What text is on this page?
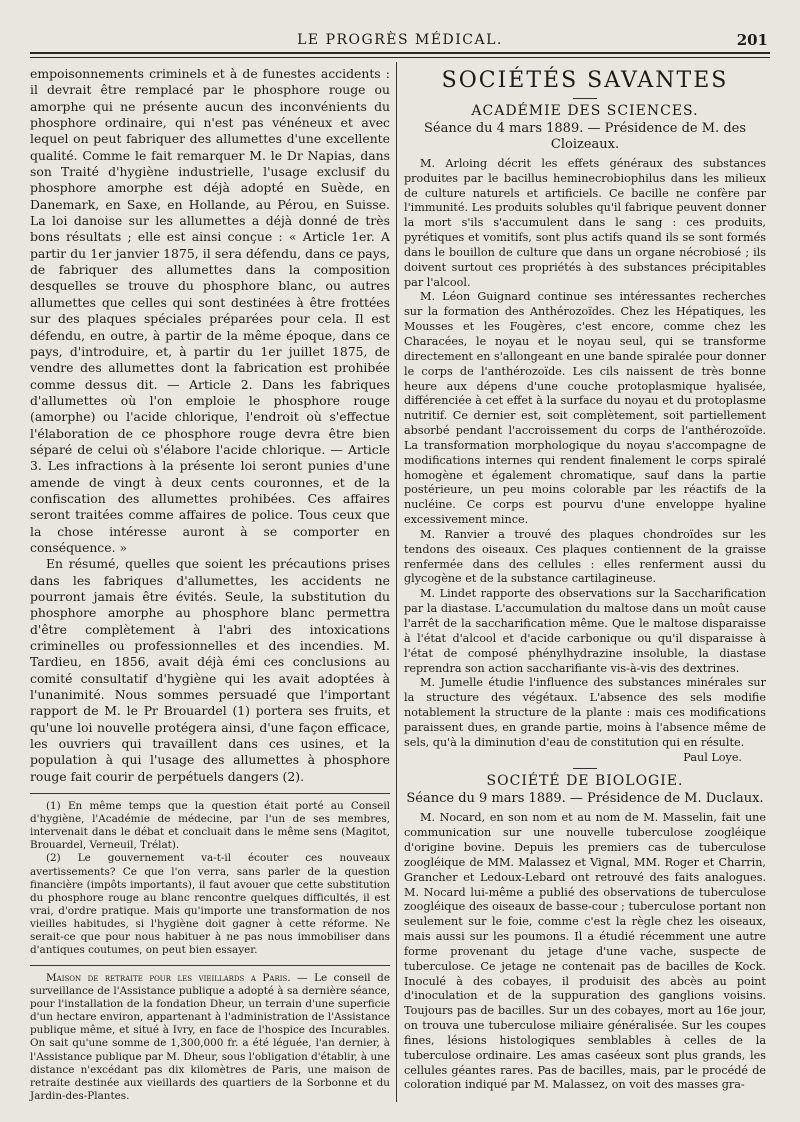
LE PROGRÈS MÉDICAL.	201

empoisonnements criminels et à de funestes accidents : il devrait être remplacé par le phosphore rouge ou amorphe qui ne présente aucun des inconvénients du phosphore ordinaire, qui n'est pas vénéneux et avec lequel on peut fabriquer des allumettes d'une excellente qualité. Comme le fait remarquer M. le Dr Napias, dans son Traité d'hygiène industrielle, l'usage exclusif du phosphore amorphe est déjà adopté en Suède, en Danemark, en Saxe, en Hollande, au Pérou, en Suisse. La loi danoise sur les allumettes a déjà donné de très bons résultats ; elle est ainsi conçue : « Article 1er. A partir du 1er janvier 1875, il sera défendu, dans ce pays, de fabriquer des allumettes dans la composition desquelles se trouve du phosphore blanc, ou autres allumettes que celles qui sont destinées à être frottées sur des plaques spéciales préparées pour cela. Il est défendu, en outre, à partir de la même époque, dans ce pays, d'introduire, et, à partir du 1er juillet 1875, de vendre des allumettes dont la fabrication est prohibée comme dessus dit. — Article 2. Dans les fabriques d'allumettes où l'on emploie le phosphore rouge (amorphe) ou l'acide chlorique, l'endroit où s'effectue l'élaboration de ce phosphore rouge devra être bien séparé de celui où s'élabore l'acide chlorique. — Article 3. Les infractions à la présente loi seront punies d'une amende de vingt à deux cents couronnes, et de la confiscation des allumettes prohibées. Ces affaires seront traitées comme affaires de police. Tous ceux que la chose intéresse auront à se comporter en conséquence. »

En résumé, quelles que soient les précautions prises dans les fabriques d'allumettes, les accidents ne pourront jamais être évités. Seule, la substitution du phosphore amorphe au phosphore blanc permettra d'être complètement à l'abri des intoxications criminelles ou professionnelles et des incendies. M. Tardieu, en 1856, avait déjà émi ces conclusions au comité consultatif d'hygiène qui les avait adoptées à l'unanimité. Nous sommes persuadé que l'important rapport de M. le Pr Brouardel (1) portera ses fruits, et qu'une loi nouvelle protégera ainsi, d'une façon efficace, les ouvriers qui travaillent dans ces usines, et la population à qui l'usage des allumettes à phosphore rouge fait courir de perpétuels dangers (2).

(1) En même temps que la question était porté au Conseil d'hygiène, l'Académie de médecine, par l'un de ses membres, intervenait dans le débat et concluait dans le même sens (Magitot, Brouardel, Verneuil, Trélat).

(2) Le gouvernement va-t-il écouter ces nouveaux avertissements? Ce que l'on verra, sans parler de la question financière (impôts importants), il faut avouer que cette substitution du phosphore rouge au blanc rencontre quelques difficultés, il est vrai, d'ordre pratique. Mais qu'importe une transformation de nos vieilles habitudes, si l'hygiène doit gagner à cette réforme. Ne serait-ce que pour nous habituer à ne pas nous immobiliser dans d'antiques coutumes, on peut bien essayer.

Maison de retraite pour les vieillards a Paris. — Le conseil de surveillance de l'Assistance publique a adopté à sa dernière séance, pour l'installation de la fondation Dheur, un terrain d'une superficie d'un hectare environ, appartenant à l'administration de l'Assistance publique même, et situé à Ivry, en face de l'hospice des Incurables. On sait qu'une somme de 1,300,000 fr. a été léguée, l'an dernier, à l'Assistance publique par M. Dheur, sous l'obligation d'établir, à une distance n'excédant pas dix kilomètres de Paris, une maison de retraite destinée aux vieillards des quartiers de la Sorbonne et du Jardin-des-Plantes.

SOCIÉTÉS SAVANTES
ACADÉMIE DES SCIENCES.
Séance du 4 mars 1889. — Présidence de M. des Cloizeaux.

M. Arloing décrit les effets généraux des substances produites par le bacillus heminecrobiophilus dans les milieux de culture naturels et artificiels. Ce bacille ne confère par l'immunité. Les produits solubles qu'il fabrique peuvent donner la mort s'ils s'accumulent dans le sang : ces produits, pyrétiques et vomitifs, sont plus actifs quand ils se sont formés dans le bouillon de culture que dans un organe nécrobiosé ; ils doivent surtout ces propriétés à des substances précipitables par l'alcool.

M. Léon Guignard continue ses intéressantes recherches sur la formation des Anthérozoïdes. Chez les Hépatiques, les Mousses et les Fougères, c'est encore, comme chez les Characées, le noyau et le noyau seul, qui se transforme directement en s'allongeant en une bande spiralée pour donner le corps de l'anthérozoïde. Les cils naissent de très bonne heure aux dépens d'une couche protoplasmique hyalisée, différenciée à cet effet à la surface du noyau et du protoplasme nutritif. Ce dernier est, soit complètement, soit partiellement absorbé pendant l'accroissement du corps de l'anthérozoïde. La transformation morphologique du noyau s'accompagne de modifications internes qui rendent finalement le corps spiralé homogène et également chromatique, sauf dans la partie postérieure, un peu moins colorable par les réactifs de la nucléine. Ce corps est pourvu d'une enveloppe hyaline excessivement mince.

M. Ranvier a trouvé des plaques chondroïdes sur les tendons des oiseaux. Ces plaques contiennent de la graisse renfermée dans des cellules : elles renferment aussi du glycogène et de la substance cartilagineuse.

M. Lindet rapporte des observations sur la Saccharification par la diastase. L'accumulation du maltose dans un moût cause l'arrêt de la saccharification même. Que le maltose disparaisse à l'état d'alcool et d'acide carbonique ou qu'il disparaisse à l'état de composé phénylhydrazine insoluble, la diastase reprendra son action saccharifiante vis-à-vis des dextrines.

M. Jumelle étudie l'influence des substances minérales sur la structure des végétaux. L'absence des sels modifie notablement la structure de la plante : mais ces modifications paraissent dues, en grande partie, moins à l'absence même de sels, qu'à la diminution d'eau de constitution qui en résulte.

Paul Loye.
SOCIÉTÉ DE BIOLOGIE.
Séance du 9 mars 1889. — Présidence de M. Duclaux.

M. Nocard, en son nom et au nom de M. Masselin, fait une communication sur une nouvelle tuberculose zoogléique d'origine bovine. Depuis les premiers cas de tuberculose zoogléique de MM. Malassez et Vignal, MM. Roger et Charrin, Grancher et Ledoux-Lebard ont retrouvé des faits analogues. M. Nocard lui-même a publié des observations de tuberculose zoogléique des oiseaux de basse-cour ; tuberculose portant non seulement sur le foie, comme c'est la règle chez les oiseaux, mais aussi sur les poumons. Il a étudié récemment une autre forme provenant du jetage d'une vache, suspecte de tuberculose. Ce jetage ne contenait pas de bacilles de Kock. Inoculé à des cobayes, il produisit des abcès au point d'inoculation et de la suppuration des ganglions voisins. Toujours pas de bacilles. Sur un des cobayes, mort au 16e jour, on trouva une tuberculose miliaire généralisée. Sur les coupes fines, lésions histologiques semblables à celles de la tuberculose ordinaire. Les amas caséeux sont plus grands, les cellules géantes rares. Pas de bacilles, mais, par le procédé de coloration indiqué par M. Malassez, on voit des masses gra-
